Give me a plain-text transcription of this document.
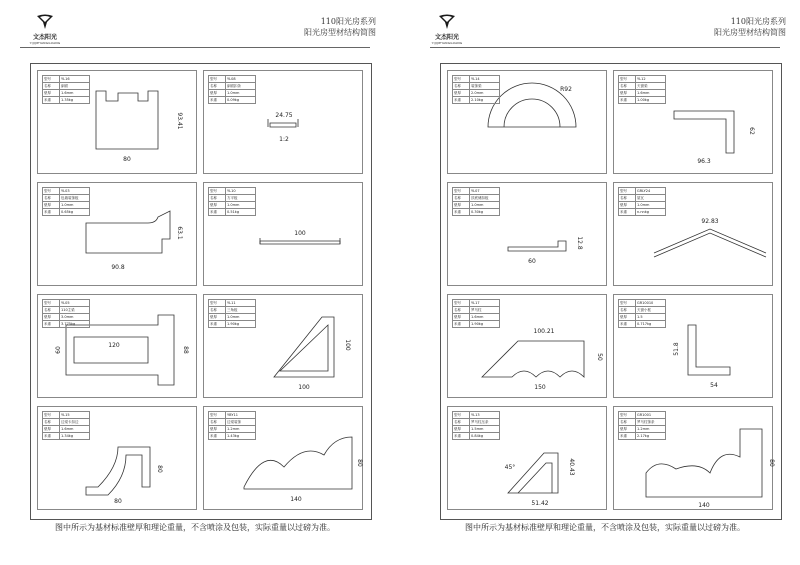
文杰阳光
YIJIJIEYANGGUANG
110阳光房系列
阳光房型材结构简图
80
93.41
型号	YL16
名称	副面
壁厚	1.6mm
米重	1.35kg
24.75
1:2
型号	YL08
名称	副面扣条
壁厚	1.0mm
米重	0.09kg
90.8
63.1
型号	YL03
名称	包墙装饰板
壁厚	1.0mm
米重	0.65kg
100
型号	YL10
名称	方平板
壁厚	1.0mm
米重	0.51kg
120
60	88
型号	YL05
名称	110主梁
壁厚	3.0mm
米重	3.775kg
100
100
型号	YL11
名称	三角板
壁厚	1.0mm
米重	1.90kg
80
80
型号	YL15
名称	边梁卡扣边
壁厚	1.6mm
米重	1.34kg
140
80
型号	YBY11
名称	边梁装饰
壁厚	1.2mm
米重	1.43kg
图中所示为基材标准壁厚和理论重量，不含喷涂及包装，实际重量以过磅为准。
文杰阳光
YIJIJIEYANGGUANG
110阳光房系列
阳光房型材结构简图
R92
型号	YL14
名称	装饰梁
壁厚	2.0mm
米重	2.10kg
96.3
62
型号	YL12
名称	天窗梁
壁厚	1.6mm
米重	1.00kg
60
12.8
型号	YL07
名称	顶底储扣板
壁厚	1.0mm
米重	0.30kg
92.83
型号	GRLY24
名称	屋瓦
壁厚	1.0mm
米重	n.nnkg
100.21
150
50
型号	YL17
名称	罗马柱
壁厚	1.6mm
米重	1.90kg
51.8
54
型号	GR10010
名称	天窗小框
壁厚	1.5
米重	0.717kg
45°
51.42
40.43
型号	YL13
名称	罗马柱压条
壁厚	1.5mm
米重	0.84kg
140
80
型号	GR1001
名称	罗马柱饰条
壁厚	1.2mm
米重	2.17kg
图中所示为基材标准壁厚和理论重量，不含喷涂及包装，实际重量以过磅为准。
